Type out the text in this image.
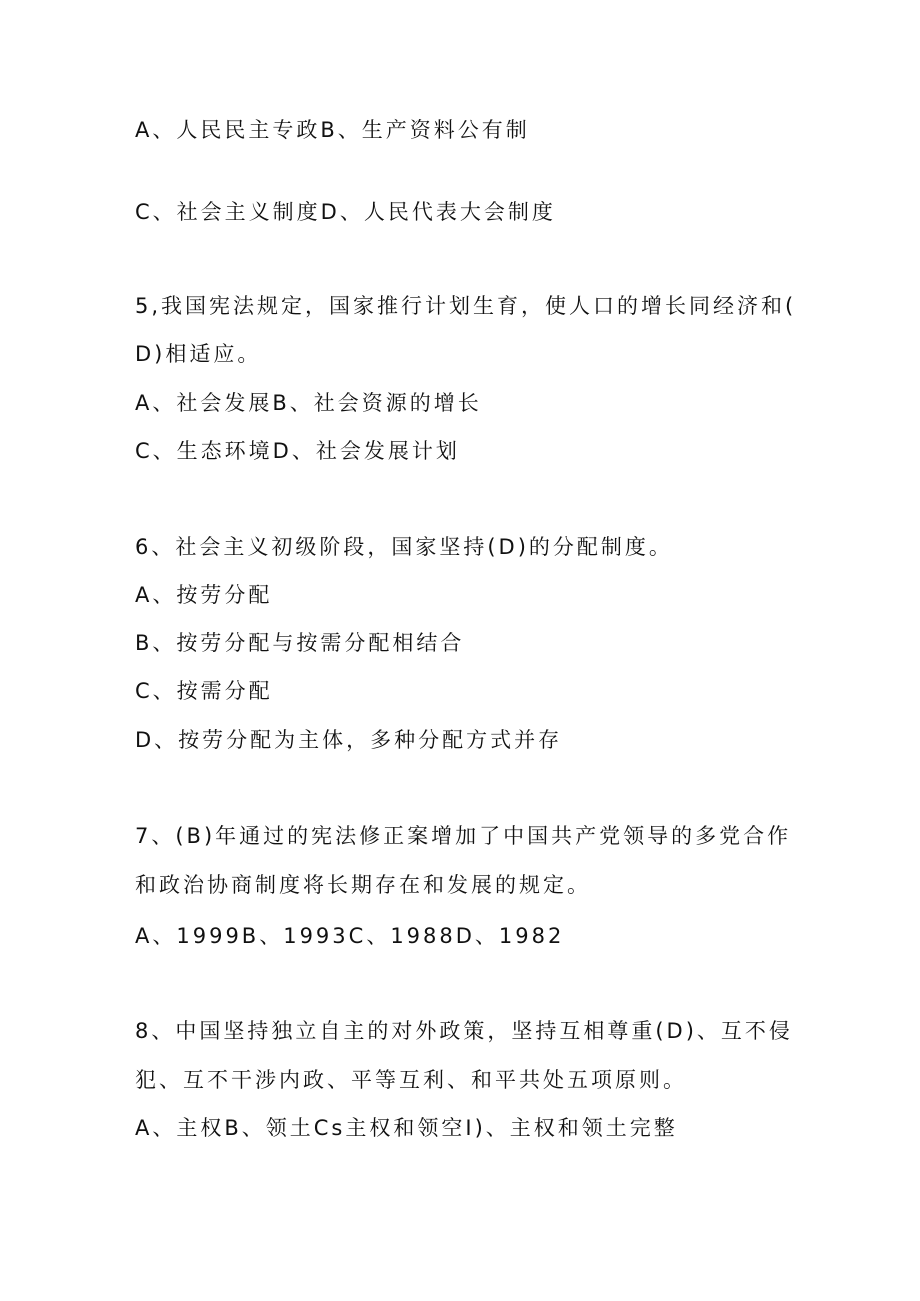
A、人民民主专政B、生产资料公有制
C、社会主义制度D、人民代表大会制度
5,我国宪法规定，国家推行计划生育，使人口的增长同经济和(
D)相适应。
A、社会发展B、社会资源的增长
C、生态环境D、社会发展计划
6、社会主义初级阶段，国家坚持(D)的分配制度。
A、按劳分配
B、按劳分配与按需分配相结合
C、按需分配
D、按劳分配为主体，多种分配方式并存
7、(B)年通过的宪法修正案增加了中国共产党领导的多党合作
和政治协商制度将长期存在和发展的规定。
A、1999B、1993C、1988D、1982
8、中国坚持独立自主的对外政策，坚持互相尊重(D)、互不侵
犯、互不干涉内政、平等互利、和平共处五项原则。
A、主权B、领土Cs主权和领空I)、主权和领土完整
